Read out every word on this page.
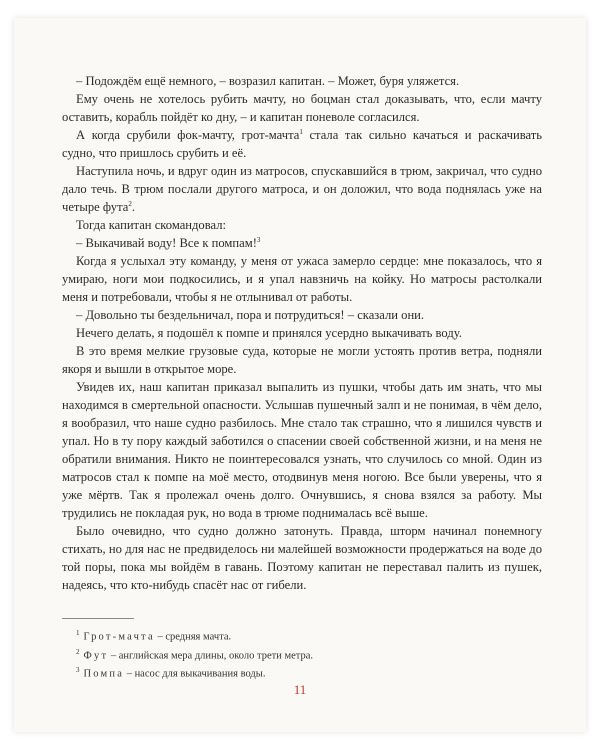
– Подождём ещё немного, – возразил капитан. – Может, буря уляжется.

Ему очень не хотелось рубить мачту, но боцман стал доказывать, что, если мачту оставить, корабль пойдёт ко дну, – и капитан поневоле согласился.

А когда срубили фок-мачту, грот-мачта$^1$ стала так сильно качаться и раскачивать судно, что пришлось срубить и её.

Наступила ночь, и вдруг один из матросов, спускавшийся в трюм, закричал, что судно дало течь. В трюм послали другого матроса, и он доложил, что вода поднялась уже на четыре фута$^2$.

Тогда капитан скомандовал:

– Выкачивай воду! Все к помпам!$^3$

Когда я услыхал эту команду, у меня от ужаса замерло сердце: мне показалось, что я умираю, ноги мои подкосились, и я упал навзничь на койку. Но матросы растолкали меня и потребовали, чтобы я не отлынивал от работы.

– Довольно ты бездельничал, пора и потрудиться! – сказали они.

Нечего делать, я подошёл к помпе и принялся усердно выкачивать воду.

В это время мелкие грузовые суда, которые не могли устоять против ветра, подняли якоря и вышли в открытое море.

Увидев их, наш капитан приказал выпалить из пушки, чтобы дать им знать, что мы находимся в смертельной опасности. Услышав пушечный залп и не понимая, в чём дело, я вообразил, что наше судно разбилось. Мне стало так страшно, что я лишился чувств и упал. Но в ту пору каждый заботился о спасении своей собственной жизни, и на меня не обратили внимания. Никто не поинтересовался узнать, что случилось со мной. Один из матросов стал к помпе на моё место, отодвинув меня ногою. Все были уверены, что я уже мёртв. Так я пролежал очень долго. Очнувшись, я снова взялся за работу. Мы трудились не покладая рук, но вода в трюме поднималась всё выше.

Было очевидно, что судно должно затонуть. Правда, шторм начинал понемногу стихать, но для нас не предвиделось ни малейшей возможности продержаться на воде до той поры, пока мы войдём в гавань. Поэтому капитан не переставал палить из пушек, надеясь, что кто-нибудь спасёт нас от гибели.

$^1$ Грот-мачта – средняя мачта.

$^2$ Фут – английская мера длины, около трети метра.

$^3$ Помпа – насос для выкачивания воды.

11
